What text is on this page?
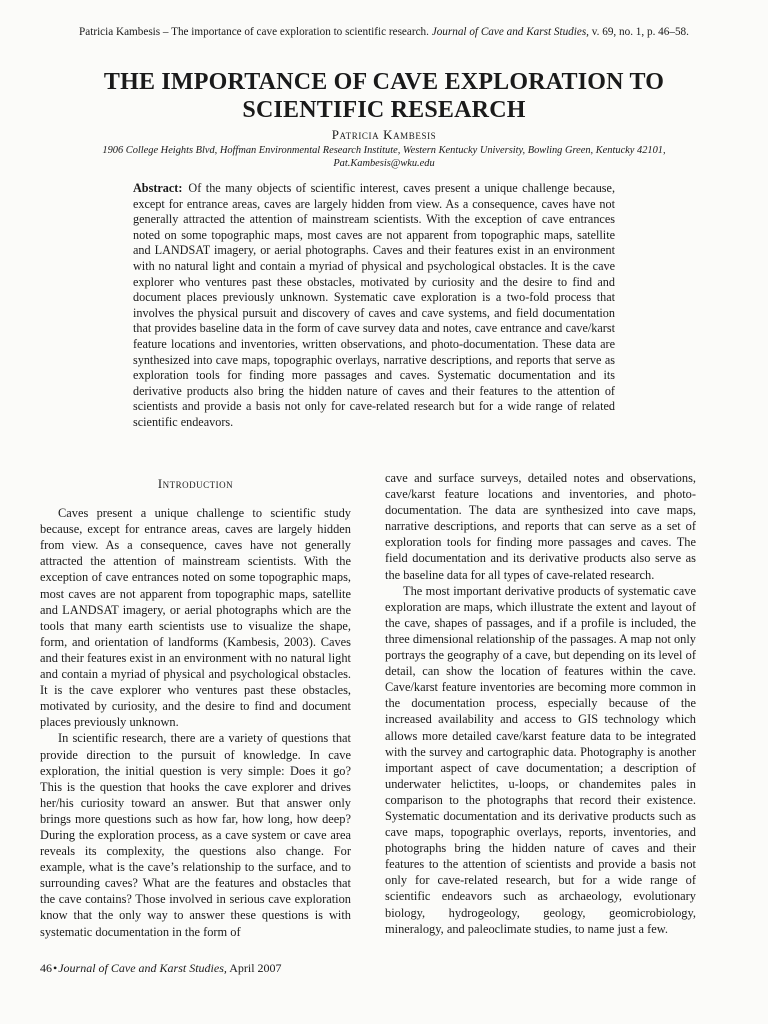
Patricia Kambesis – The importance of cave exploration to scientific research. Journal of Cave and Karst Studies, v. 69, no. 1, p. 46–58.
THE IMPORTANCE OF CAVE EXPLORATION TO SCIENTIFIC RESEARCH
Patricia Kambesis
1906 College Heights Blvd, Hoffman Environmental Research Institute, Western Kentucky University, Bowling Green, Kentucky 42101,
Pat.Kambesis@wku.edu
Abstract: Of the many objects of scientific interest, caves present a unique challenge because, except for entrance areas, caves are largely hidden from view. As a consequence, caves have not generally attracted the attention of mainstream scientists. With the exception of cave entrances noted on some topographic maps, most caves are not apparent from topographic maps, satellite and LANDSAT imagery, or aerial photographs. Caves and their features exist in an environment with no natural light and contain a myriad of physical and psychological obstacles. It is the cave explorer who ventures past these obstacles, motivated by curiosity and the desire to find and document places previously unknown. Systematic cave exploration is a two-fold process that involves the physical pursuit and discovery of caves and cave systems, and field documentation that provides baseline data in the form of cave survey data and notes, cave entrance and cave/karst feature locations and inventories, written observations, and photo-documentation. These data are synthesized into cave maps, topographic overlays, narrative descriptions, and reports that serve as exploration tools for finding more passages and caves. Systematic documentation and its derivative products also bring the hidden nature of caves and their features to the attention of scientists and provide a basis not only for cave-related research but for a wide range of related scientific endeavors.
Introduction

Caves present a unique challenge to scientific study because, except for entrance areas, caves are largely hidden from view. As a consequence, caves have not generally attracted the attention of mainstream scientists. With the exception of cave entrances noted on some topographic maps, most caves are not apparent from topographic maps, satellite and LANDSAT imagery, or aerial photographs which are the tools that many earth scientists use to visualize the shape, form, and orientation of landforms (Kambesis, 2003). Caves and their features exist in an environment with no natural light and contain a myriad of physical and psychological obstacles. It is the cave explorer who ventures past these obstacles, motivated by curiosity, and the desire to find and document places previously unknown.

In scientific research, there are a variety of questions that provide direction to the pursuit of knowledge. In cave exploration, the initial question is very simple: Does it go? This is the question that hooks the cave explorer and drives her/his curiosity toward an answer. But that answer only brings more questions such as how far, how long, how deep? During the exploration process, as a cave system or cave area reveals its complexity, the questions also change. For example, what is the cave’s relationship to the surface, and to surrounding caves? What are the features and obstacles that the cave contains? Those involved in serious cave exploration know that the only way to answer these questions is with systematic documentation in the form of

cave and surface surveys, detailed notes and observations, cave/karst feature locations and inventories, and photo-documentation. The data are synthesized into cave maps, narrative descriptions, and reports that can serve as a set of exploration tools for finding more passages and caves. The field documentation and its derivative products also serve as the baseline data for all types of cave-related research.

The most important derivative products of systematic cave exploration are maps, which illustrate the extent and layout of the cave, shapes of passages, and if a profile is included, the three dimensional relationship of the passages. A map not only portrays the geography of a cave, but depending on its level of detail, can show the location of features within the cave. Cave/karst feature inventories are becoming more common in the documentation process, especially because of the increased availability and access to GIS technology which allows more detailed cave/karst feature data to be integrated with the survey and cartographic data. Photography is another important aspect of cave documentation; a description of underwater helictites, u-loops, or chandemites pales in comparison to the photographs that record their existence. Systematic documentation and its derivative products such as cave maps, topographic overlays, reports, inventories, and photographs bring the hidden nature of caves and their features to the attention of scientists and provide a basis not only for cave-related research, but for a wide range of scientific endeavors such as archaeology, evolutionary biology, hydrogeology, geology, geomicrobiology, mineralogy, and paleoclimate studies, to name just a few.

46•Journal of Cave and Karst Studies, April 2007
